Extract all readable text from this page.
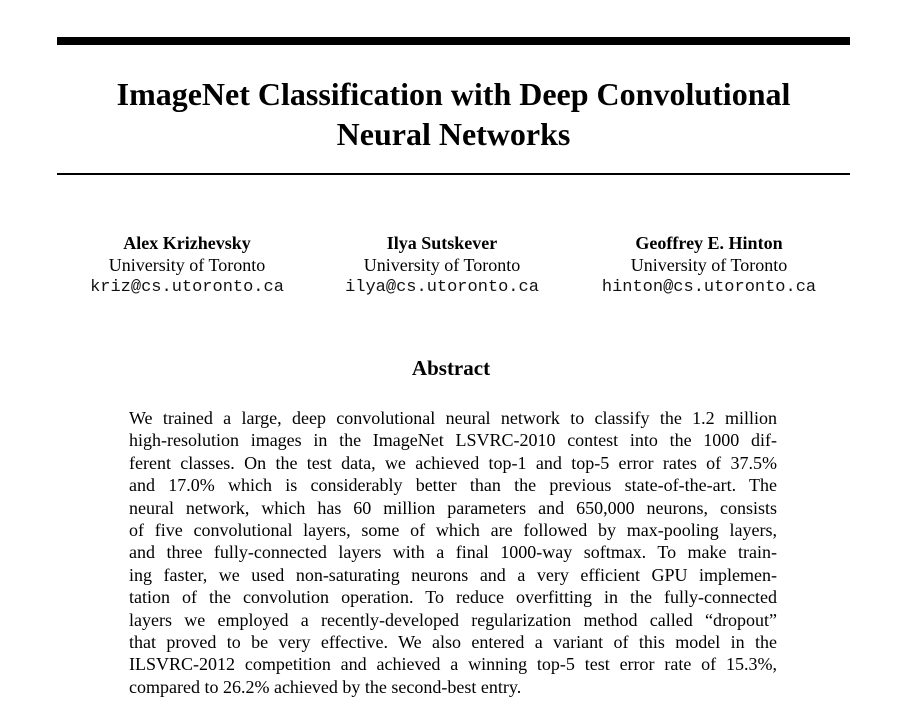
ImageNet Classification with Deep Convolutional
Neural Networks
Alex Krizhevsky
University of Toronto
kriz@cs.utoronto.ca
Ilya Sutskever
University of Toronto
ilya@cs.utoronto.ca
Geoffrey E. Hinton
University of Toronto
hinton@cs.utoronto.ca
Abstract
We trained a large, deep convolutional neural network to classify the 1.2 million
high-resolution images in the ImageNet LSVRC-2010 contest into the 1000 dif-
ferent classes. On the test data, we achieved top-1 and top-5 error rates of 37.5%
and 17.0% which is considerably better than the previous state-of-the-art. The
neural network, which has 60 million parameters and 650,000 neurons, consists
of five convolutional layers, some of which are followed by max-pooling layers,
and three fully-connected layers with a final 1000-way softmax. To make train-
ing faster, we used non-saturating neurons and a very efficient GPU implemen-
tation of the convolution operation. To reduce overfitting in the fully-connected
layers we employed a recently-developed regularization method called “dropout”
that proved to be very effective. We also entered a variant of this model in the
ILSVRC-2012 competition and achieved a winning top-5 test error rate of 15.3%,
compared to 26.2% achieved by the second-best entry.
